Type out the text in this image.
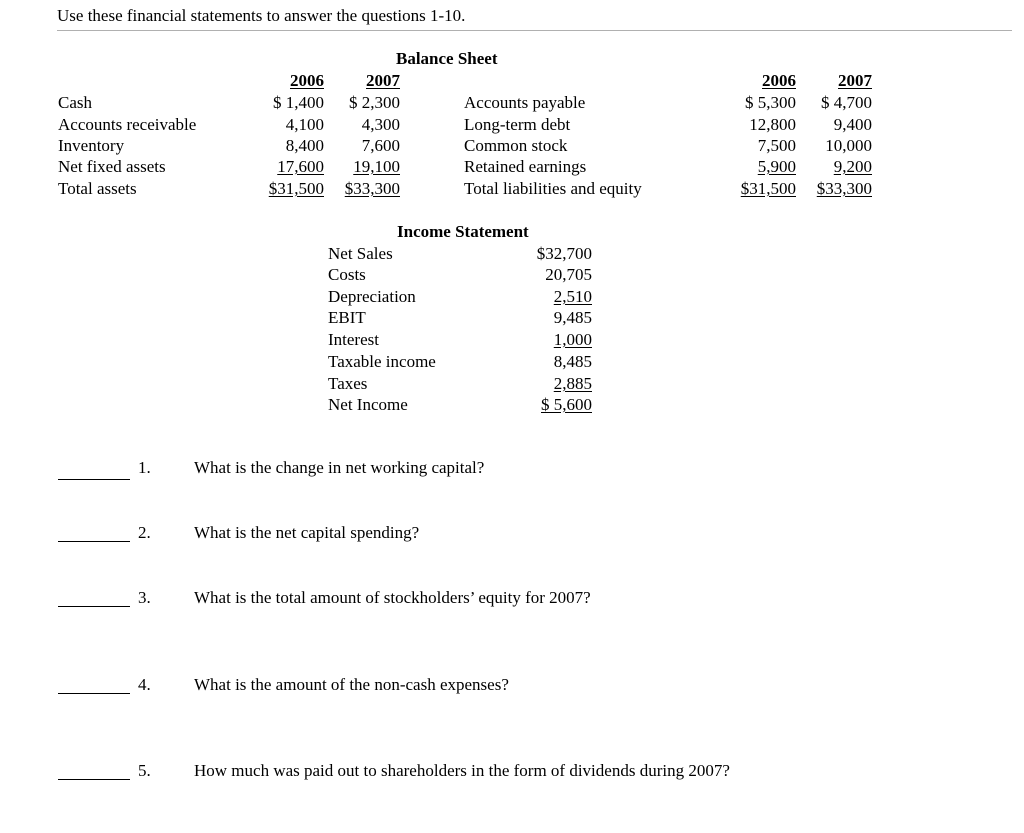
Use these financial statements to answer the questions 1-10.
Balance Sheet
2006 2007
Cash	$ 1,400 $ 2,300
Accounts receivable	4,100 4,300
Inventory	8,400 7,600
Net fixed assets	17,600 19,100
Total assets	$31,500 $33,300
2006 2007
Accounts payable	$ 5,300 $ 4,700
Long-term debt	12,800 9,400
Common stock	7,500 10,000
Retained earnings	5,900 9,200
Total liabilities and equity	$31,500 $33,300
Income Statement
Net Sales	$32,700
Costs	20,705
Depreciation	2,510
EBIT	9,485
Interest	1,000
Taxable income	8,485
Taxes	2,885
Net Income	$ 5,600
1.	What is the change in net working capital?
2.	What is the net capital spending?
3.	What is the total amount of stockholders’ equity for 2007?
4.	What is the amount of the non-cash expenses?
5.	How much was paid out to shareholders in the form of dividends during 2007?
